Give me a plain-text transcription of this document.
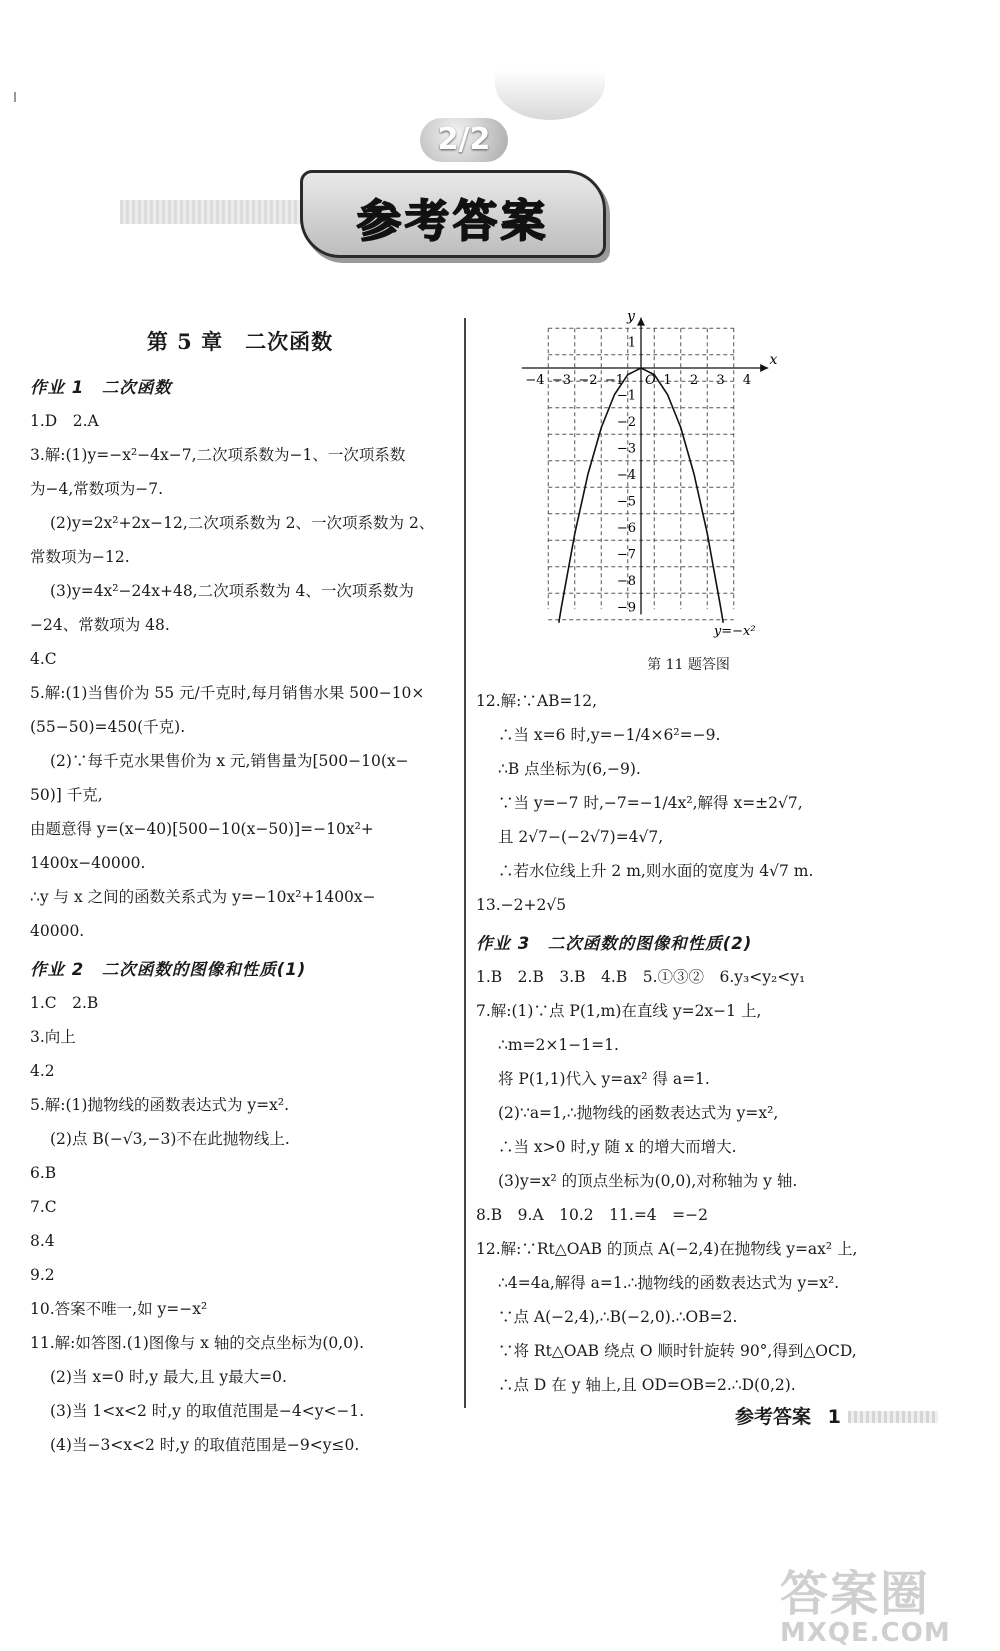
2/2
参考答案
第 5 章　二次函数
作业 1　二次函数
1.D　2.A
3.解:(1)y=−x²−4x−7,二次项系数为−1、一次项系数
为−4,常数项为−7.
(2)y=2x²+2x−12,二次项系数为 2、一次项系数为 2、
常数项为−12.
(3)y=4x²−24x+48,二次项系数为 4、一次项系数为
−24、常数项为 48.
4.C
5.解:(1)当售价为 55 元/千克时,每月销售水果 500−10×
(55−50)=450(千克).
(2)∵每千克水果售价为 x 元,销售量为[500−10(x−
50)] 千克,
由题意得 y=(x−40)[500−10(x−50)]=−10x²+
1400x−40000.
∴y 与 x 之间的函数关系式为 y=−10x²+1400x−
40000.
作业 2　二次函数的图像和性质(1)
1.C　2.B
3.向上
4.2
5.解:(1)抛物线的函数表达式为 y=x².
(2)点 B(−√3,−3)不在此抛物线上.
6.B
7.C
8.4
9.2
10.答案不唯一,如 y=−x²
11.解:如答图.(1)图像与 x 轴的交点坐标为(0,0).
(2)当 x=0 时,y 最大,且 y最大=0.
(3)当 1<x<2 时,y 的取值范围是−4<y<−1.
(4)当−3<x<2 时,y 的取值范围是−9<y≤0.
x
y
O
−4 −3 −2 −1	1 2 3 4
1
−1
−2
−3
−4
−5
−6
−7
−8
−9
y=−x²
第 11 题答图
12.解:∵AB=12,
∴当 x=6 时,y=−1/4×6²=−9.
∴B 点坐标为(6,−9).
∵当 y=−7 时,−7=−1/4x²,解得 x=±2√7,
且 2√7−(−2√7)=4√7,
∴若水位线上升 2 m,则水面的宽度为 4√7 m.
13.−2+2√5
作业 3　二次函数的图像和性质(2)
1.B　2.B　3.B　4.B　5.①③②　6.y₃<y₂<y₁
7.解:(1)∵点 P(1,m)在直线 y=2x−1 上,
∴m=2×1−1=1.
将 P(1,1)代入 y=ax² 得 a=1.
(2)∵a=1,∴抛物线的函数表达式为 y=x²,
∴当 x>0 时,y 随 x 的增大而增大.
(3)y=x² 的顶点坐标为(0,0),对称轴为 y 轴.
8.B　9.A　10.2　11.=4　=−2
12.解:∵Rt△OAB 的顶点 A(−2,4)在抛物线 y=ax² 上,
∴4=4a,解得 a=1.∴抛物线的函数表达式为 y=x².
∵点 A(−2,4),∴B(−2,0).∴OB=2.
∵将 Rt△OAB 绕点 O 顺时针旋转 90°,得到△OCD,
∴点 D 在 y 轴上,且 OD=OB=2.∴D(0,2).
参考答案 1
答案圈
MXQE.COM
